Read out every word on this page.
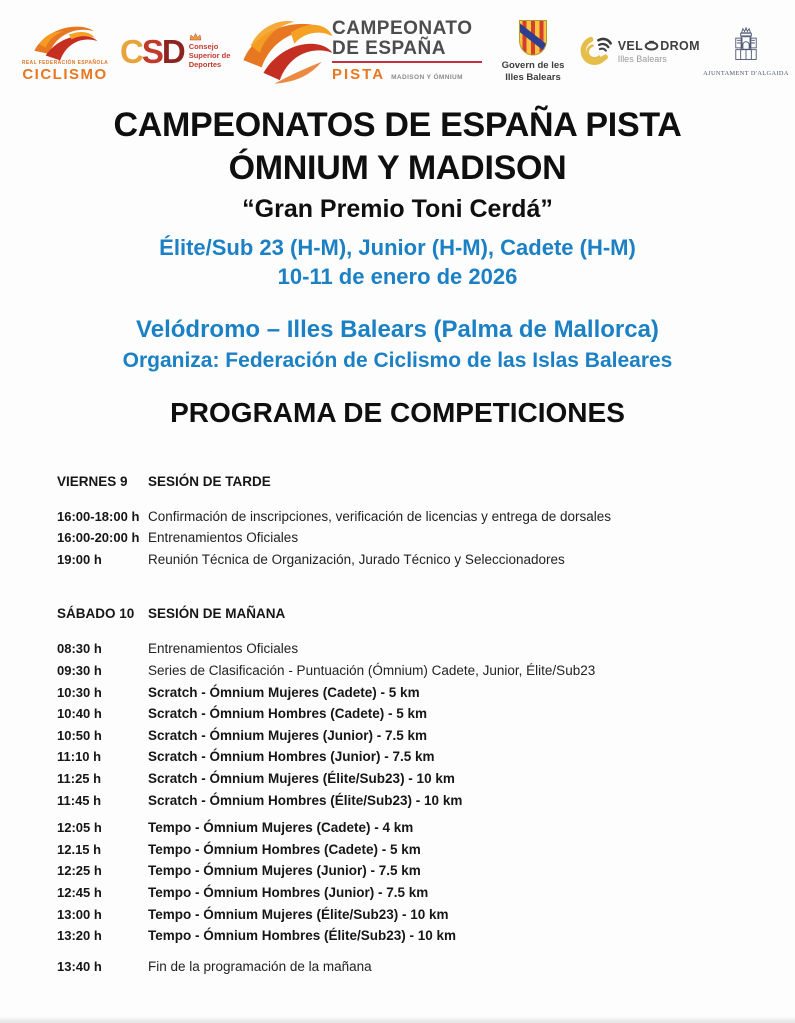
REAL FEDERACIÓN ESPAÑOLA
CICLISMO
CSD Consejo Superior de Deportes
CAMPEONATO
DE ESPAÑA
PISTA MADISON Y ÓMNIUM
Govern de les Illes Balears
VEL DROM
Illes Balears
AJUNTAMENT D'ALGAIDA
CAMPEONATOS DE ESPAÑA PISTA
ÓMNIUM Y MADISON
“Gran Premio Toni Cerdá”
Élite/Sub 23 (H-M), Junior (H-M), Cadete (H-M)
10-11 de enero de 2026
Velódromo – Illes Balears (Palma de Mallorca)
Organiza: Federación de Ciclismo de las Islas Baleares
PROGRAMA DE COMPETICIONES
VIERNES 9	SESIÓN DE TARDE
16:00-18:00 h Confirmación de inscripciones, verificación de licencias y entrega de dorsales
16:00-20:00 h Entrenamientos Oficiales
19:00 h	Reunión Técnica de Organización, Jurado Técnico y Seleccionadores
SÁBADO 10	SESIÓN DE MAÑANA
08:30 h	Entrenamientos Oficiales
09:30 h	Series de Clasificación - Puntuación (Ómnium) Cadete, Junior, Élite/Sub23
10:30 h	Scratch - Ómnium Mujeres (Cadete) - 5 km
10:40 h	Scratch - Ómnium Hombres (Cadete) - 5 km
10:50 h	Scratch - Ómnium Mujeres (Junior) - 7.5 km
11:10 h	Scratch - Ómnium Hombres (Junior) - 7.5 km
11:25 h	Scratch - Ómnium Mujeres (Élite/Sub23) - 10 km
11:45 h	Scratch - Ómnium Hombres (Élite/Sub23) - 10 km
12:05 h	Tempo - Ómnium Mujeres (Cadete) - 4 km
12.15 h	Tempo - Ómnium Hombres (Cadete) - 5 km
12:25 h	Tempo - Ómnium Mujeres (Junior) - 7.5 km
12:45 h	Tempo - Ómnium Hombres (Junior) - 7.5 km
13:00 h	Tempo - Ómnium Mujeres (Élite/Sub23) - 10 km
13:20 h	Tempo - Ómnium Hombres (Élite/Sub23) - 10 km
13:40 h	Fin de la programación de la mañana
